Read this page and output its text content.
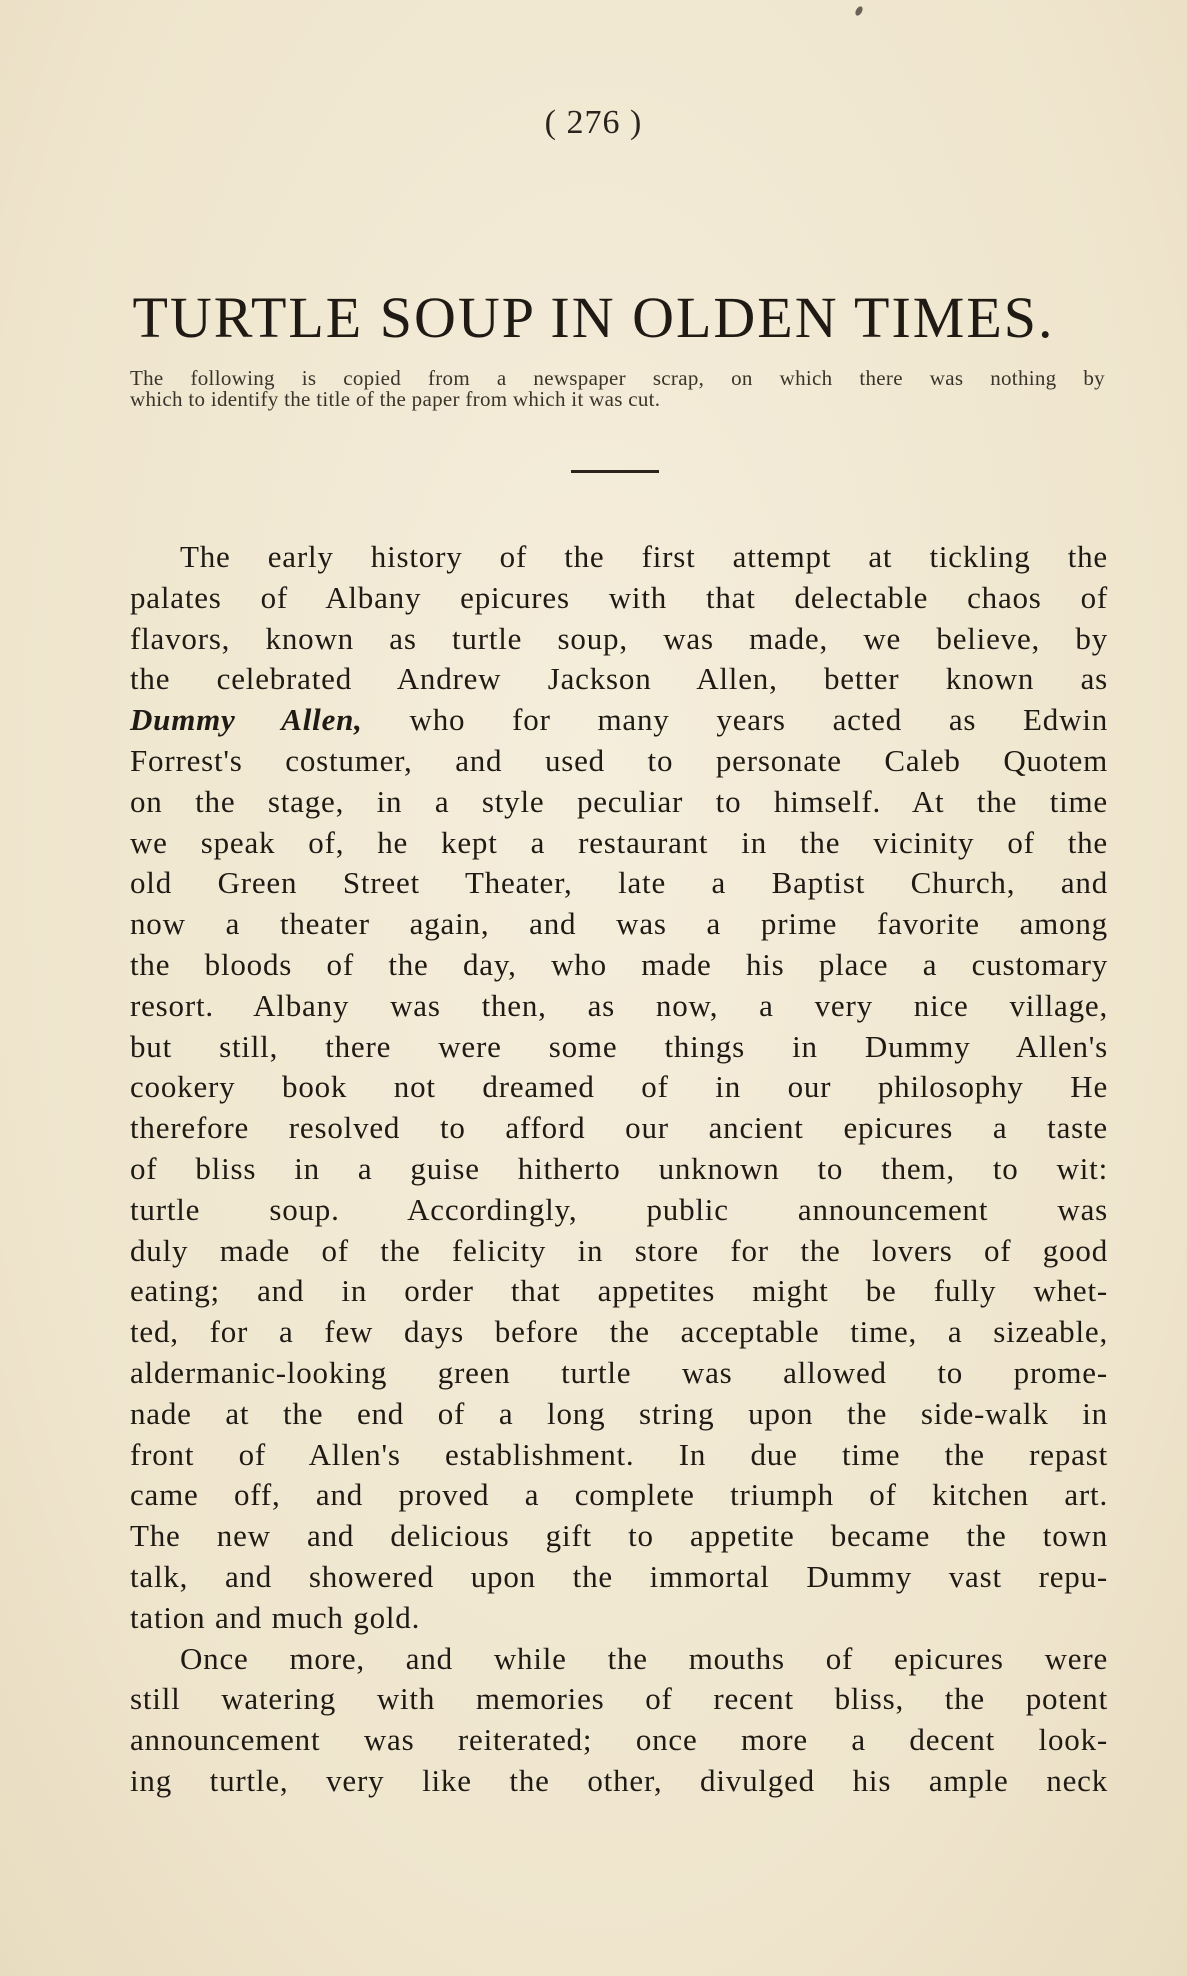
( 276 )
TURTLE SOUP IN OLDEN TIMES.
The following is copied from a newspaper scrap, on which there was nothing by
which to identify the title of the paper from which it was cut.
The early history of the first attempt at tickling the
palates of Albany epicures with that delectable chaos of
flavors, known as turtle soup, was made, we believe, by
the celebrated Andrew Jackson Allen, better known as
Dummy Allen, who for many years acted as Edwin
Forrest's costumer, and used to personate Caleb Quotem
on the stage, in a style peculiar to himself. At the time
we speak of, he kept a restaurant in the vicinity of the
old Green Street Theater, late a Baptist Church, and
now a theater again, and was a prime favorite among
the bloods of the day, who made his place a customary
resort. Albany was then, as now, a very nice village,
but still, there were some things in Dummy Allen's
cookery book not dreamed of in our philosophy He
therefore resolved to afford our ancient epicures a taste
of bliss in a guise hitherto unknown to them, to wit:
turtle soup. Accordingly, public announcement was
duly made of the felicity in store for the lovers of good
eating; and in order that appetites might be fully whet-
ted, for a few days before the acceptable time, a sizeable,
aldermanic-looking green turtle was allowed to prome-
nade at the end of a long string upon the side-walk in
front of Allen's establishment. In due time the repast
came off, and proved a complete triumph of kitchen art.
The new and delicious gift to appetite became the town
talk, and showered upon the immortal Dummy vast repu-
tation and much gold.
Once more, and while the mouths of epicures were
still watering with memories of recent bliss, the potent
announcement was reiterated; once more a decent look-
ing turtle, very like the other, divulged his ample neck
